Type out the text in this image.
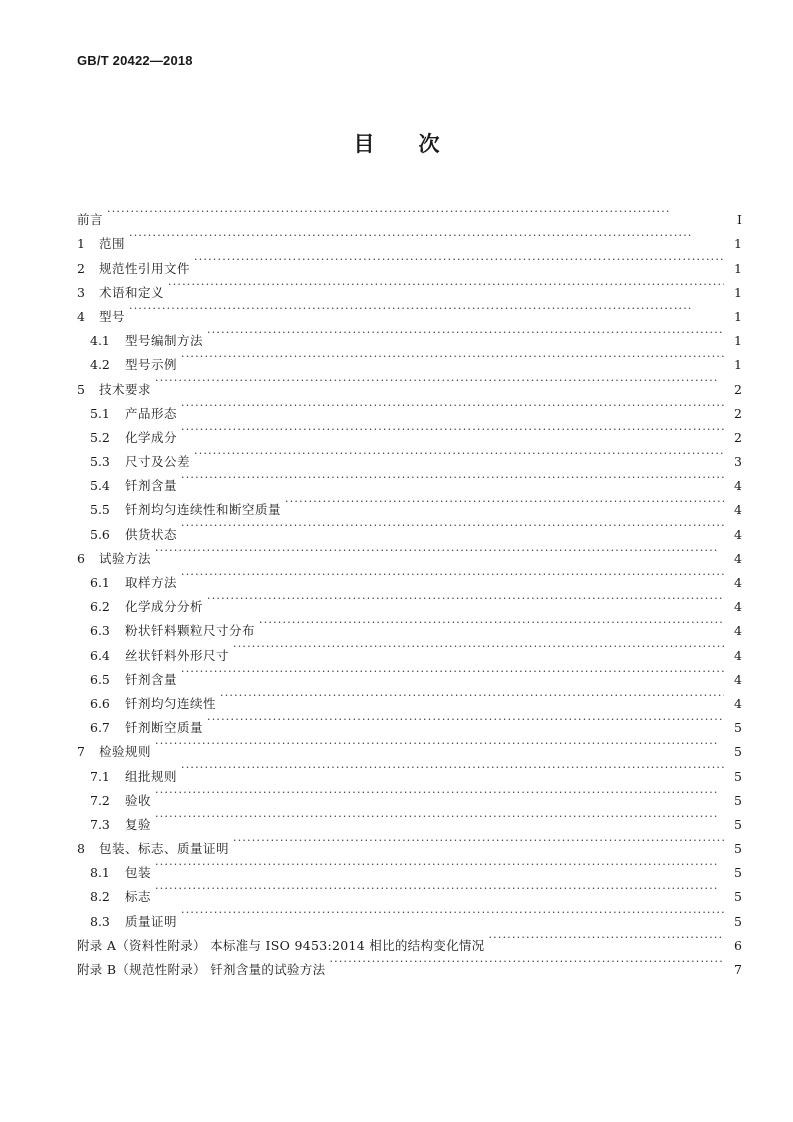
GB/T 20422—2018
目 次
前言 ·····	Ⅰ
1	范围 ·····	1
2	规范性引用文件 ·····	1
3	术语和定义 ·····	1
4	型号 ·····	1
4.1	型号编制方法 ·····	1
4.2	型号示例 ·····	1
5	技术要求 ·····	2
5.1	产品形态 ·····	2
5.2	化学成分 ·····	2
5.3	尺寸及公差 ·····	3
5.4	钎剂含量 ·····	4
5.5	钎剂均匀连续性和断空质量 ·····	4
5.6	供货状态 ·····	4
6	试验方法 ·····	4
6.1	取样方法 ·····	4
6.2	化学成分分析 ·····	4
6.3	粉状钎料颗粒尺寸分布 ·····	4
6.4	丝状钎料外形尺寸 ·····	4
6.5	钎剂含量 ·····	4
6.6	钎剂均匀连续性 ·····	4
6.7	钎剂断空质量 ·····	5
7	检验规则 ·····	5
7.1	组批规则 ·····	5
7.2	验收 ·····	5
7.3	复验 ·····	5
8	包装、标志、质量证明 ·····	5
8.1	包装 ·····	5
8.2	标志 ·····	5
8.3	质量证明 ·····	5
附录 A（资料性附录） 本标准与 ISO 9453:2014 相比的结构变化情况 ·····	6
附录 B（规范性附录） 钎剂含量的试验方法 ·····	7
